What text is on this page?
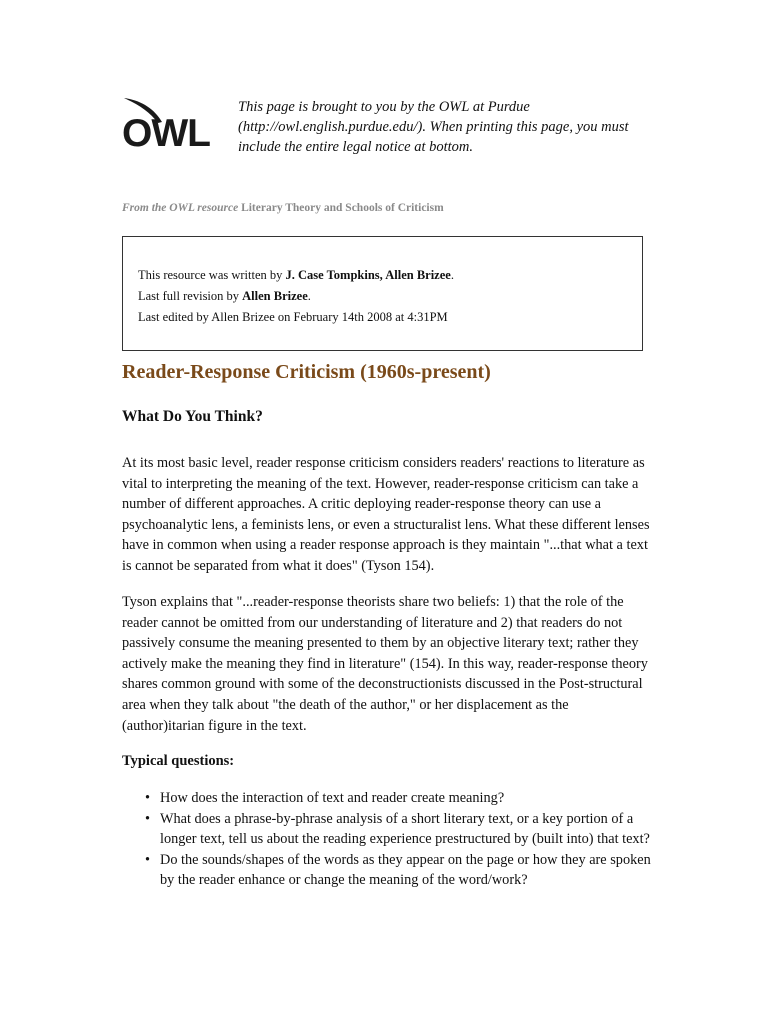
OWL
This page is brought to you by the OWL at Purdue (http://owl.english.purdue.edu/). When printing this page, you must include the entire legal notice at bottom.
From the OWL resource Literary Theory and Schools of Criticism
This resource was written by J. Case Tompkins, Allen Brizee.
Last full revision by Allen Brizee.
Last edited by Allen Brizee on February 14th 2008 at 4:31PM
Reader-Response Criticism (1960s-present)
What Do You Think?

At its most basic level, reader response criticism considers readers' reactions to literature as vital to interpreting the meaning of the text. However, reader-response criticism can take a number of different approaches. A critic deploying reader-response theory can use a psychoanalytic lens, a feminists lens, or even a structuralist lens. What these different lenses have in common when using a reader response approach is they maintain "...that what a text is cannot be separated from what it does" (Tyson 154).

Tyson explains that "...reader-response theorists share two beliefs: 1) that the role of the reader cannot be omitted from our understanding of literature and 2) that readers do not passively consume the meaning presented to them by an objective literary text; rather they actively make the meaning they find in literature" (154). In this way, reader-response theory shares common ground with some of the deconstructionists discussed in the Post-structural area when they talk about "the death of the author," or her displacement as the (author)itarian figure in the text.

Typical questions:
• How does the interaction of text and reader create meaning?
• What does a phrase-by-phrase analysis of a short literary text, or a key portion of a longer text, tell us about the reading experience prestructured by (built into) that text?
• Do the sounds/shapes of the words as they appear on the page or how they are spoken by the reader enhance or change the meaning of the word/work?
